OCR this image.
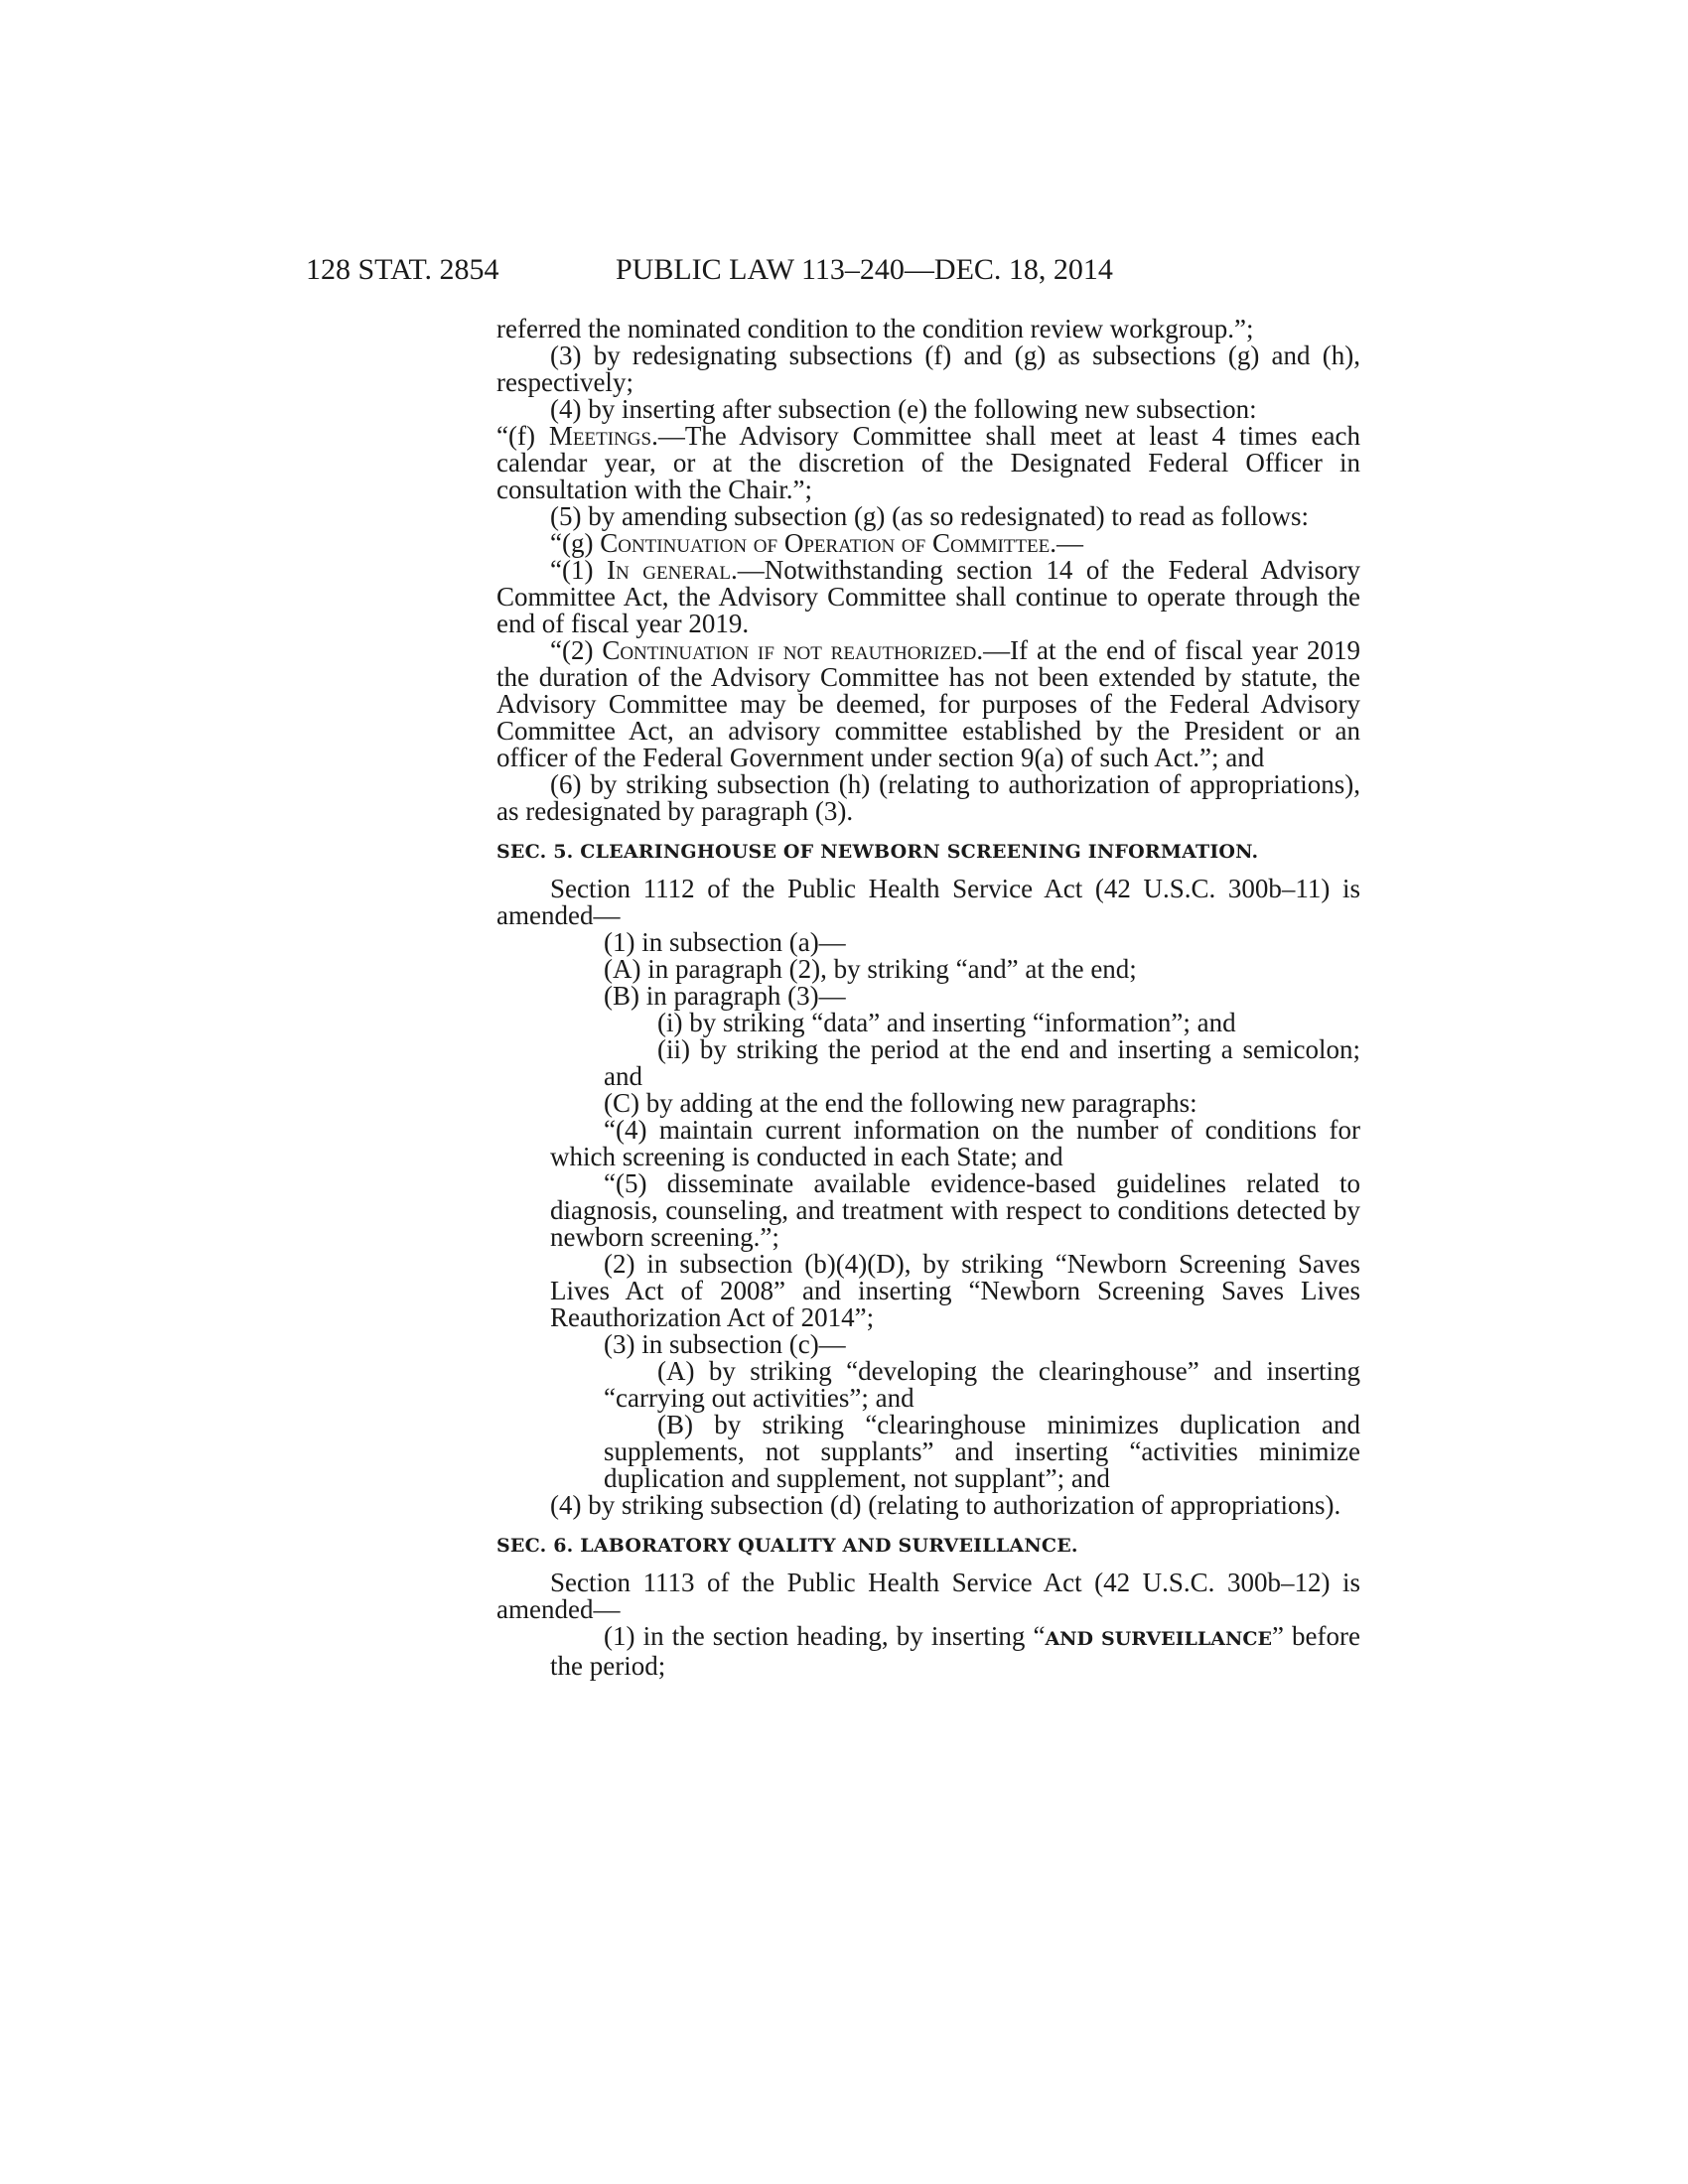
128 STAT. 2854	PUBLIC LAW 113–240—DEC. 18, 2014

referred the nominated condition to the condition review workgroup.”;

(3) by redesignating subsections (f) and (g) as subsections (g) and (h), respectively;

(4) by inserting after subsection (e) the following new subsection:

“(f) Meetings.—The Advisory Committee shall meet at least 4 times each calendar year, or at the discretion of the Designated Federal Officer in consultation with the Chair.”;

(5) by amending subsection (g) (as so redesignated) to read as follows:

“(g) Continuation of Operation of Committee.—

“(1) In general.—Notwithstanding section 14 of the Federal Advisory Committee Act, the Advisory Committee shall continue to operate through the end of fiscal year 2019.

“(2) Continuation if not reauthorized.—If at the end of fiscal year 2019 the duration of the Advisory Committee has not been extended by statute, the Advisory Committee may be deemed, for purposes of the Federal Advisory Committee Act, an advisory committee established by the President or an officer of the Federal Government under section 9(a) of such Act.”; and

(6) by striking subsection (h) (relating to authorization of appropriations), as redesignated by paragraph (3).

SEC. 5. CLEARINGHOUSE OF NEWBORN SCREENING INFORMATION.

Section 1112 of the Public Health Service Act (42 U.S.C. 300b–11) is amended—

(1) in subsection (a)—

(A) in paragraph (2), by striking “and” at the end;

(B) in paragraph (3)—

(i) by striking “data” and inserting “information”; and

(ii) by striking the period at the end and inserting a semicolon; and

(C) by adding at the end the following new paragraphs:

“(4) maintain current information on the number of conditions for which screening is conducted in each State; and

“(5) disseminate available evidence-based guidelines related to diagnosis, counseling, and treatment with respect to conditions detected by newborn screening.”;

(2) in subsection (b)(4)(D), by striking “Newborn Screening Saves Lives Act of 2008” and inserting “Newborn Screening Saves Lives Reauthorization Act of 2014”;

(3) in subsection (c)—

(A) by striking “developing the clearinghouse” and inserting “carrying out activities”; and

(B) by striking “clearinghouse minimizes duplication and supplements, not supplants” and inserting “activities minimize duplication and supplement, not supplant”; and

(4) by striking subsection (d) (relating to authorization of appropriations).

SEC. 6. LABORATORY QUALITY AND SURVEILLANCE.

Section 1113 of the Public Health Service Act (42 U.S.C. 300b–12) is amended—

(1) in the section heading, by inserting “AND SURVEILLANCE” before the period;
